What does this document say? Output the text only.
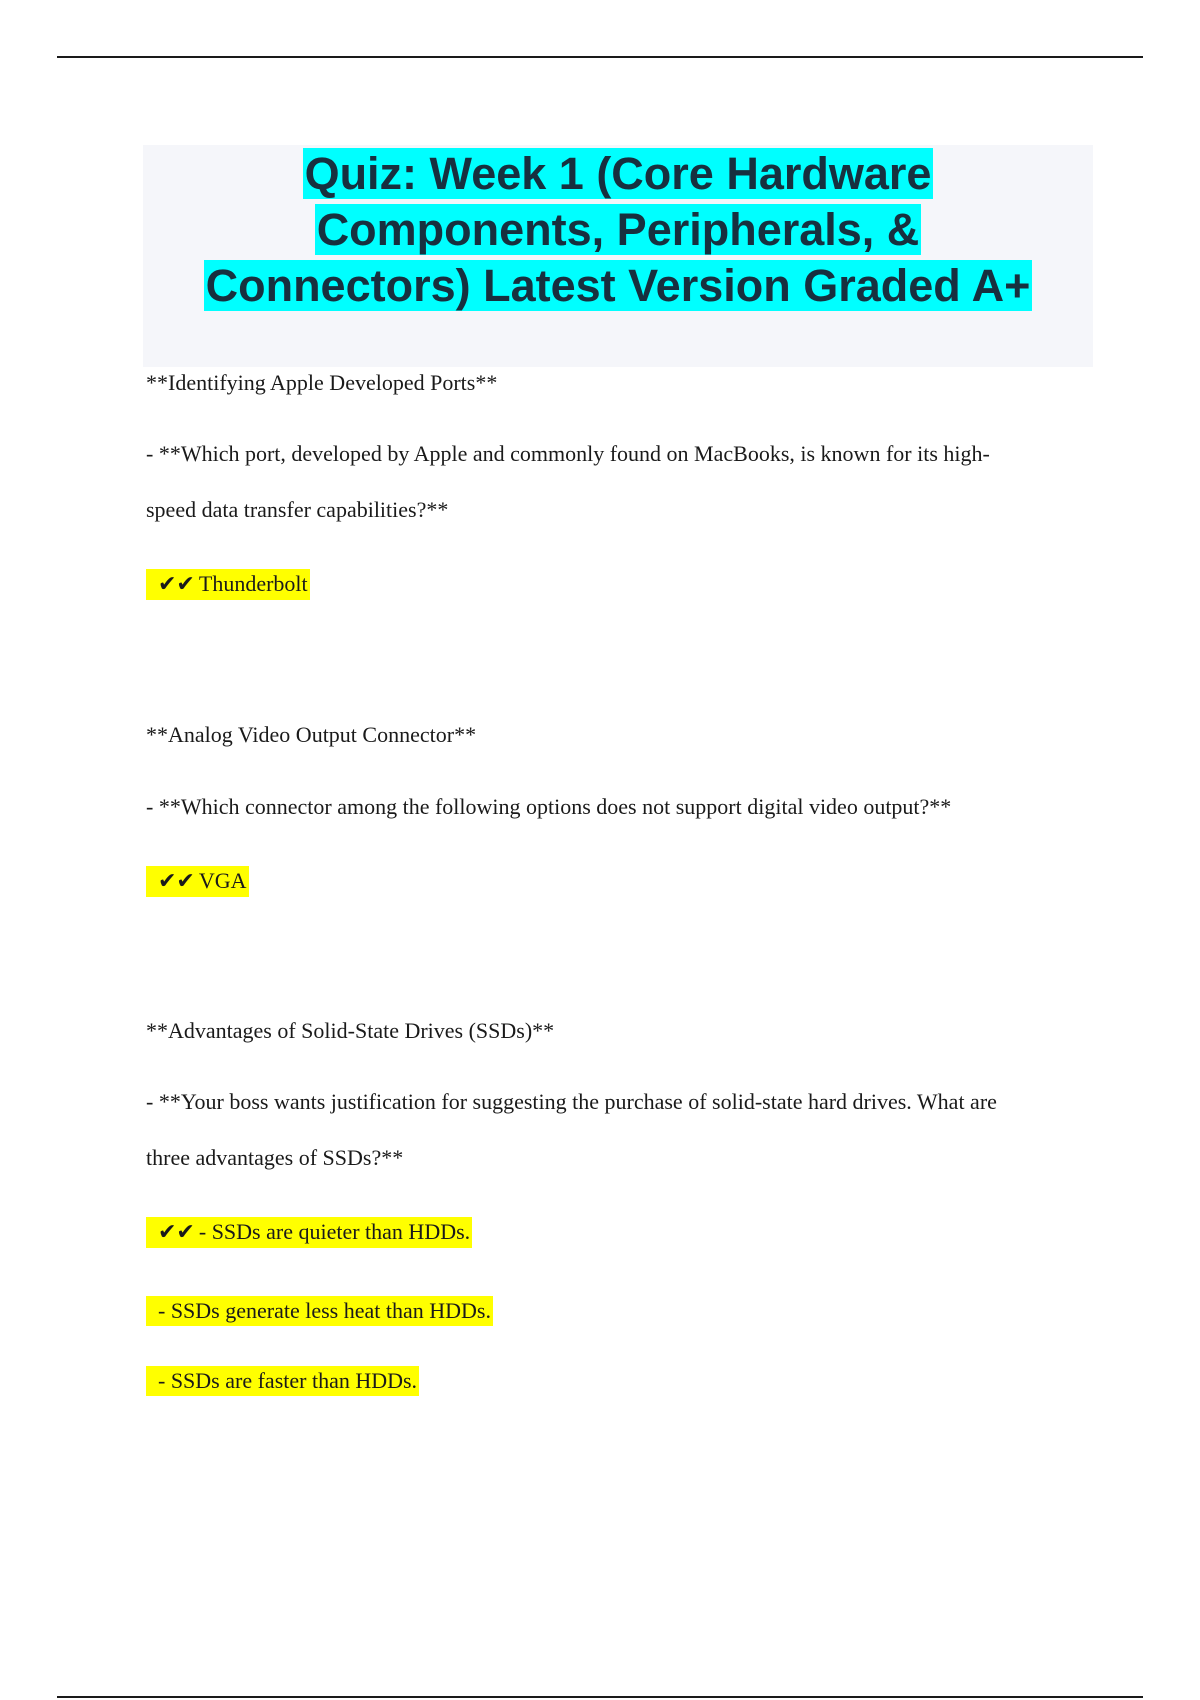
Quiz: Week 1 (Core Hardware
Components, Peripherals, &
Connectors) Latest Version Graded A+

**Identifying Apple Developed Ports**

- **Which port, developed by Apple and commonly found on MacBooks, is known for its high-

speed data transfer capabilities?**

✔✔ Thunderbolt

**Analog Video Output Connector**

- **Which connector among the following options does not support digital video output?**

✔✔ VGA

**Advantages of Solid-State Drives (SSDs)**

- **Your boss wants justification for suggesting the purchase of solid-state hard drives. What are

three advantages of SSDs?**

✔✔ - SSDs are quieter than HDDs.

- SSDs generate less heat than HDDs.

- SSDs are faster than HDDs.
